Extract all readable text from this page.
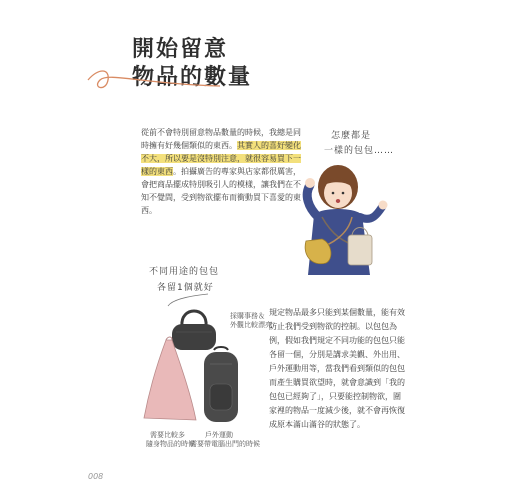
開始留意
物品的數量
從前不會特別留意物品數量的時候，我總是同時擁有好幾個類似的東西。其實人的喜好變化不大，所以要是沒特別注意，就很容易買下一樣的東西。拍攝廣告的專家與店家都很厲害，會把商品擺成特別吸引人的模樣，讓我們在不知不覺間，受到物欲擺布而衝動買下喜愛的東西。
怎麼都是
一樣的包包……
不同用途的包包
各留1個就好
採購事務＆
外觀比較漂亮
需要比較多
隨身物品的時候
戶外運動
需要帶電腦出門的時候
規定物品最多只能到某個數量，能有效防止我們受到物欲的控制。以包包為例，假如我們規定不同功能的包包只能各留一個，分別是講求美觀、外出用、戶外運動用等，當我們看到類似的包包而產生購買欲望時，就會意識到「我的包包已經夠了」，只要能控制物欲，圍家裡的物品一度減少後，就不會再恢復成原本滿山滿谷的狀態了。
008
